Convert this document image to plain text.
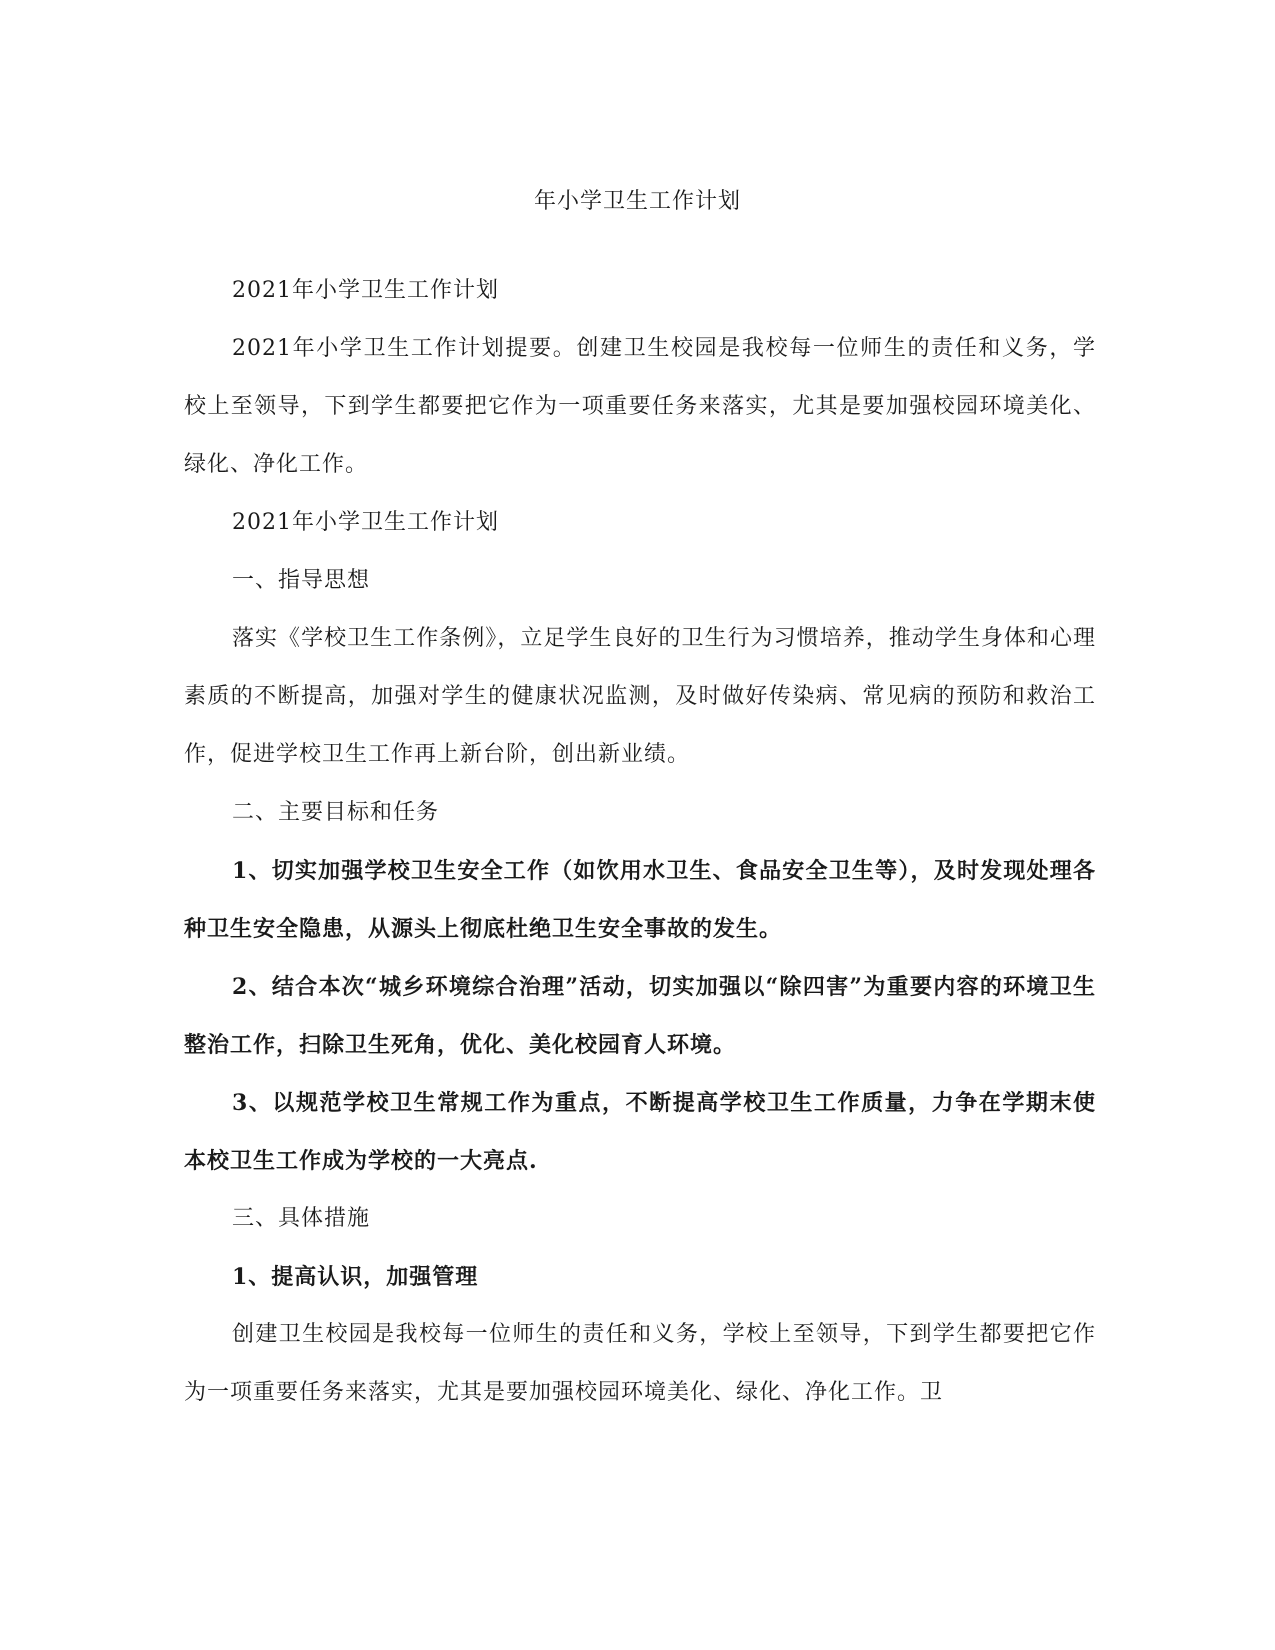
年小学卫生工作计划

2021年小学卫生工作计划

2021年小学卫生工作计划提要。创建卫生校园是我校每一位师生的责任和义务，学校上至领导，下到学生都要把它作为一项重要任务来落实，尤其是要加强校园环境美化、绿化、净化工作。

2021年小学卫生工作计划

一、指导思想

落实《学校卫生工作条例》，立足学生良好的卫生行为习惯培养，推动学生身体和心理素质的不断提高，加强对学生的健康状况监测，及时做好传染病、常见病的预防和救治工作，促进学校卫生工作再上新台阶，创出新业绩。

二、主要目标和任务

1、切实加强学校卫生安全工作（如饮用水卫生、食品安全卫生等），及时发现处理各种卫生安全隐患，从源头上彻底杜绝卫生安全事故的发生。

2、结合本次“城乡环境综合治理”活动，切实加强以“除四害”为重要内容的环境卫生整治工作，扫除卫生死角，优化、美化校园育人环境。

3、以规范学校卫生常规工作为重点，不断提高学校卫生工作质量，力争在学期末使本校卫生工作成为学校的一大亮点.

三、具体措施

1、提高认识，加强管理

创建卫生校园是我校每一位师生的责任和义务，学校上至领导，下到学生都要把它作为一项重要任务来落实，尤其是要加强校园环境美化、绿化、净化工作。卫
